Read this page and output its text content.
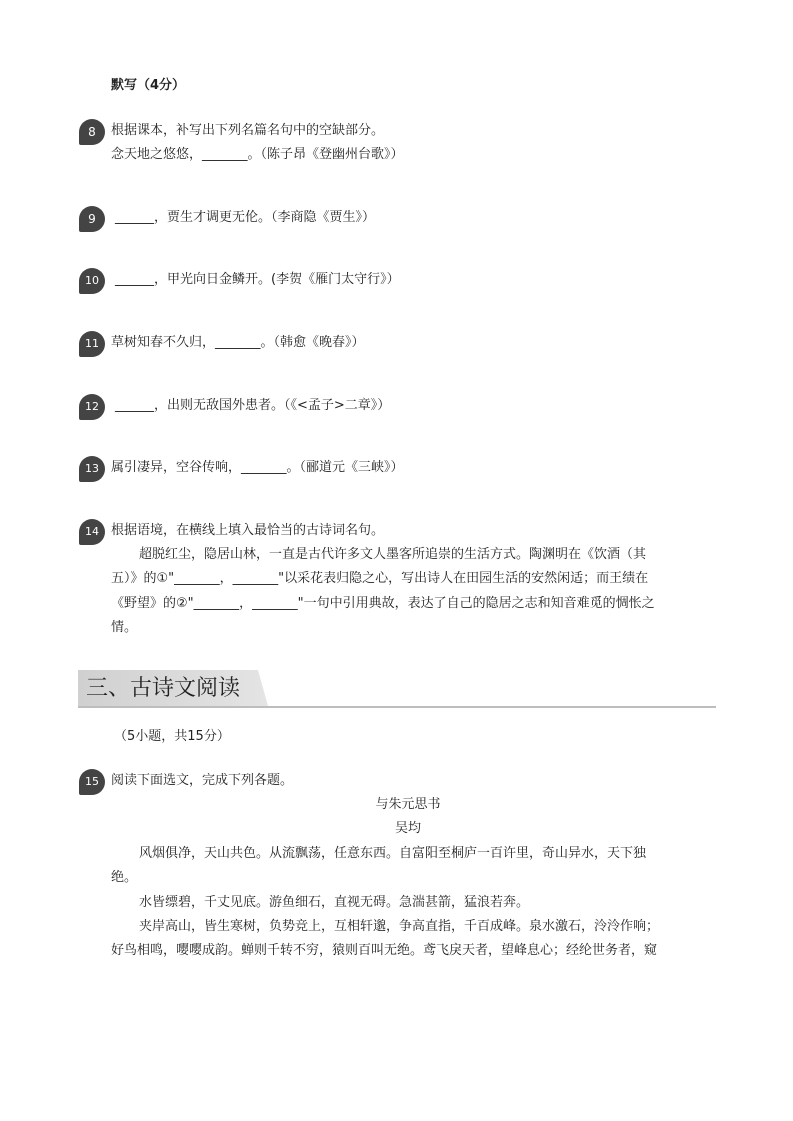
默写（4分）
8	根据课本，补写出下列名篇名句中的空缺部分。
念天地之悠悠，_______。（陈子昂《登幽州台歌》）
9	______，贾生才调更无伦。（李商隐《贾生》）
10	______，甲光向日金鳞开。(李贺《雁门太守行》）
11 草树知春不久归，_______。（韩愈《晚春》）
12	______，出则无敌国外患者。（《<孟子>二章》）
13 属引凄异，空谷传响，_______。（郦道元《三峡》）
14 根据语境，在横线上填入最恰当的古诗词名句。
超脱红尘，隐居山林，一直是古代许多文人墨客所追崇的生活方式。陶渊明在《饮酒（其
五）》的①"_______，_______"以采花表归隐之心，写出诗人在田园生活的安然闲适；而王绩在
《野望》的②"_______，_______"一句中引用典故，表达了自己的隐居之志和知音难觅的惆怅之
情。
三、古诗文阅读
（5小题，共15分）
15 阅读下面选文，完成下列各题。
与朱元思书
吴均
风烟俱净，天山共色。从流飘荡，任意东西。自富阳至桐庐一百许里，奇山异水，天下独
绝。
水皆缥碧，千丈见底。游鱼细石，直视无碍。急湍甚箭，猛浪若奔。
夹岸高山，皆生寒树，负势竞上，互相轩邈，争高直指，千百成峰。泉水激石，泠泠作响；
好鸟相鸣，嘤嘤成韵。蝉则千转不穷，猿则百叫无绝。鸢飞戾天者，望峰息心；经纶世务者，窥
